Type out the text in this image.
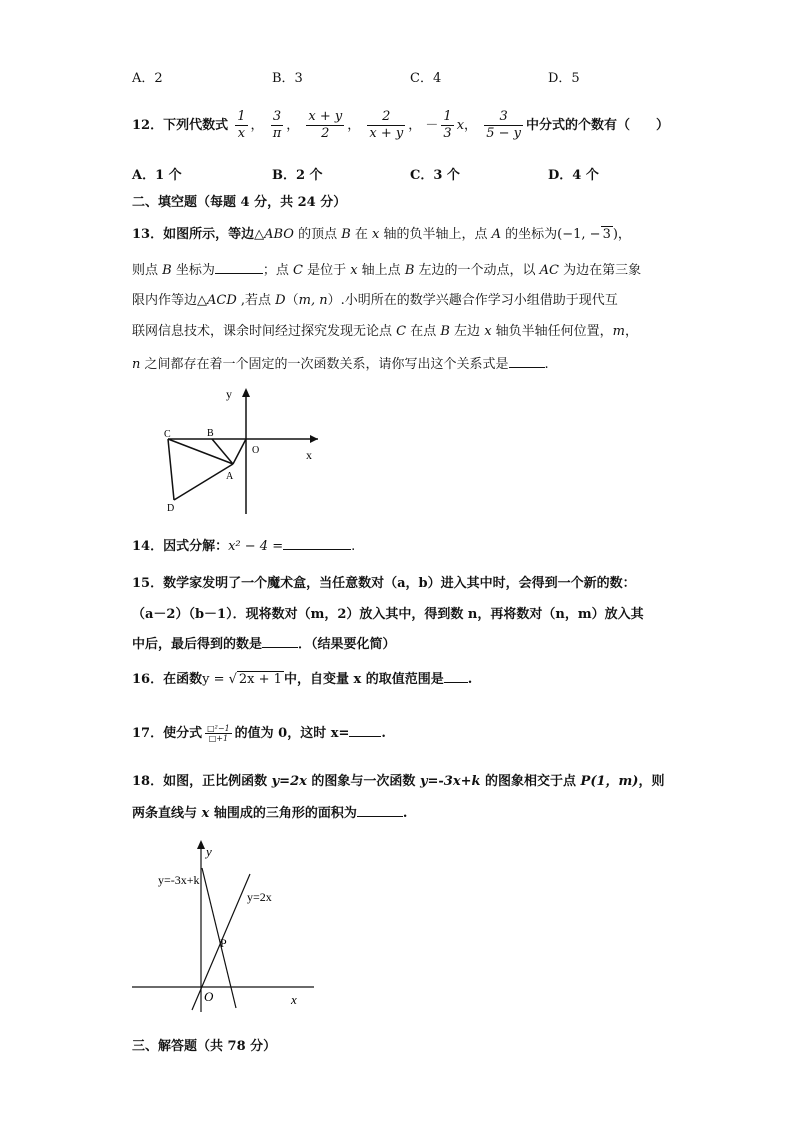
A．2	B．3	C．4	D．5
12．下列代数式 $\frac{1}{x}$ ， $\frac{3}{\pi}$ ， $\frac{x + y}{2}$ ， $\frac{2}{x + y}$ ， － $\frac{1}{3}$ x， $\frac{3}{5 - y}$ 中分式的个数有（　　）
A．1 个	B．2 个	C．3 个	D．4 个
二、填空题（每题 4 分，共 24 分）
13．如图所示，等边△ABO 的顶点 B 在 x 轴的负半轴上，点 A 的坐标为(−1, − 3 )，
则点 B 坐标为	；点 C 是位于 x 轴上点 B 左边的一个动点，以 AC 为边在第三象
限内作等边△ACD ,若点 D（m, n）.小明所在的数学兴趣合作学习小组借助于现代互
联网信息技术，课余时间经过探究发现无论点 C 在点 B 左边 x 轴负半轴任何位置，m，
n 之间都存在着一个固定的一次函数关系，请你写出这个关系式是	.
y
x
O
A
B
C
D
14．因式分解：x² − 4 =	.
15．数学家发明了一个魔术盒，当任意数对（a，b）进入其中时，会得到一个新的数：
（a－2）（b－1）．现将数对（m，2）放入其中，得到数 n，再将数对（n，m）放入其
中后，最后得到的数是	．（结果要化简）
16．在函数y = √ 2x + 1 中，自变量 x 的取值范围是 .
17．使分式 $\frac{\text{□²−1}}{□+1}$ 的值为 0，这时 x= .
18．如图，正比例函数 y=2x 的图象与一次函数 y=-3x+k 的图象相交于点 P(1，m)，则
两条直线与 x 轴围成的三角形的面积为	.
y
x
O
P
y=-3x+k
y=2x
三、解答题（共 78 分）
